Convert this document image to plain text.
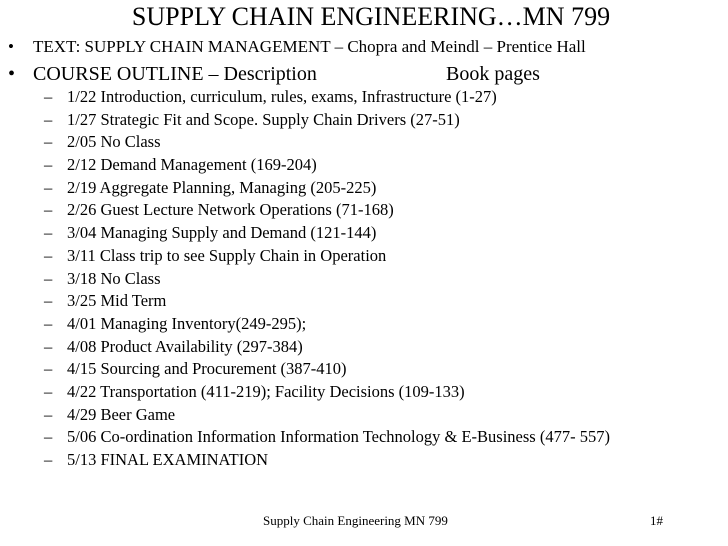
SUPPLY CHAIN ENGINEERING…MN 799
• TEXT: SUPPLY CHAIN MANAGEMENT – Chopra and Meindl – Prentice Hall
• COURSE OUTLINE – Description	Book pages
– 1/22 Introduction, curriculum, rules, exams, Infrastructure (1-27)
– 1/27 Strategic Fit and Scope. Supply Chain Drivers (27-51)
– 2/05 No Class
– 2/12 Demand Management (169-204)
– 2/19 Aggregate Planning, Managing (205-225)
– 2/26 Guest Lecture Network Operations (71-168)
– 3/04 Managing Supply and Demand (121-144)
– 3/11 Class trip to see Supply Chain in Operation
– 3/18 No Class
– 3/25 Mid Term
– 4/01 Managing Inventory(249-295);
– 4/08 Product Availability (297-384)
– 4/15 Sourcing and Procurement (387-410)
– 4/22 Transportation (411-219); Facility Decisions (109-133)
– 4/29 Beer Game
– 5/06 Co-ordination Information Information Technology & E-Business (477- 557)
– 5/13 FINAL EXAMINATION
Supply Chain Engineering MN 799	1#
